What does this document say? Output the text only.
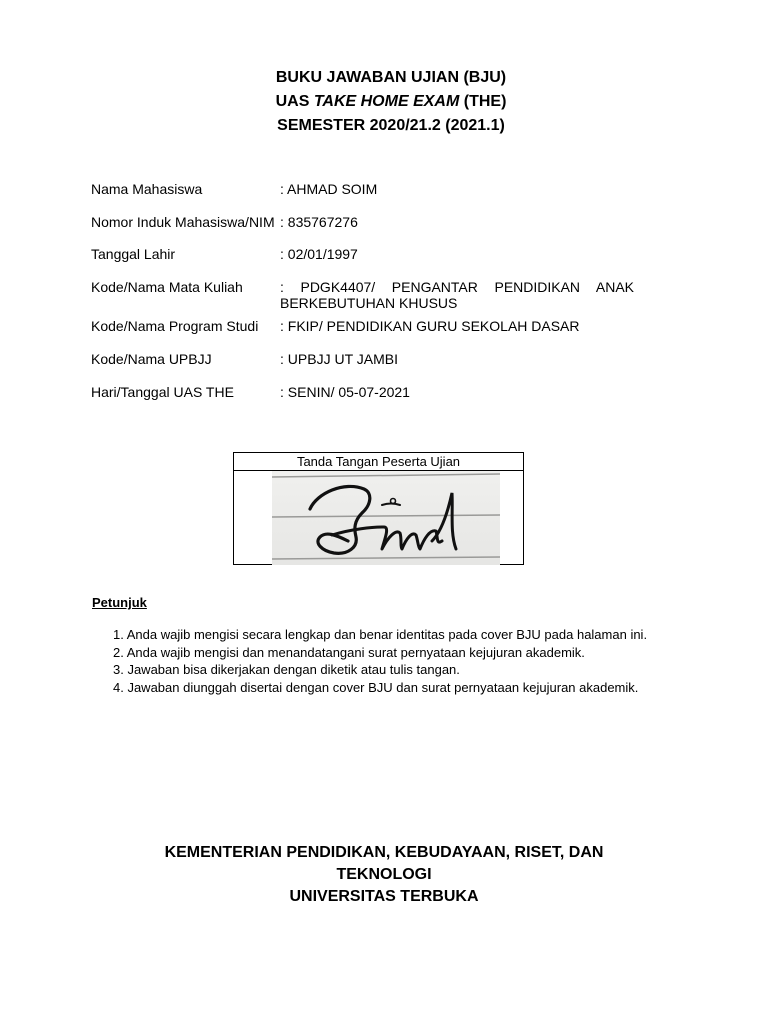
BUKU JAWABAN UJIAN (BJU)
UAS TAKE HOME EXAM (THE)
SEMESTER 2020/21.2 (2021.1)
Nama Mahasiswa	: AHMAD SOIM
Nomor Induk Mahasiswa/NIM : 835767276
Tanggal Lahir	: 02/01/1997
Kode/Nama Mata Kuliah	: PDGK4407/ PENGANTAR PENDIDIKAN ANAK
BERKEBUTUHAN KHUSUS
Kode/Nama Program Studi : FKIP/ PENDIDIKAN GURU SEKOLAH DASAR
Kode/Nama UPBJJ	: UPBJJ UT JAMBI
Hari/Tanggal UAS THE	: SENIN/ 05-07-2021
Tanda Tangan Peserta Ujian
Petunjuk
1. Anda wajib mengisi secara lengkap dan benar identitas pada cover BJU pada halaman ini.
2. Anda wajib mengisi dan menandatangani surat pernyataan kejujuran akademik.
3. Jawaban bisa dikerjakan dengan diketik atau tulis tangan.
4. Jawaban diunggah disertai dengan cover BJU dan surat pernyataan kejujuran akademik.
KEMENTERIAN PENDIDIKAN, KEBUDAYAAN, RISET, DAN
TEKNOLOGI
UNIVERSITAS TERBUKA
